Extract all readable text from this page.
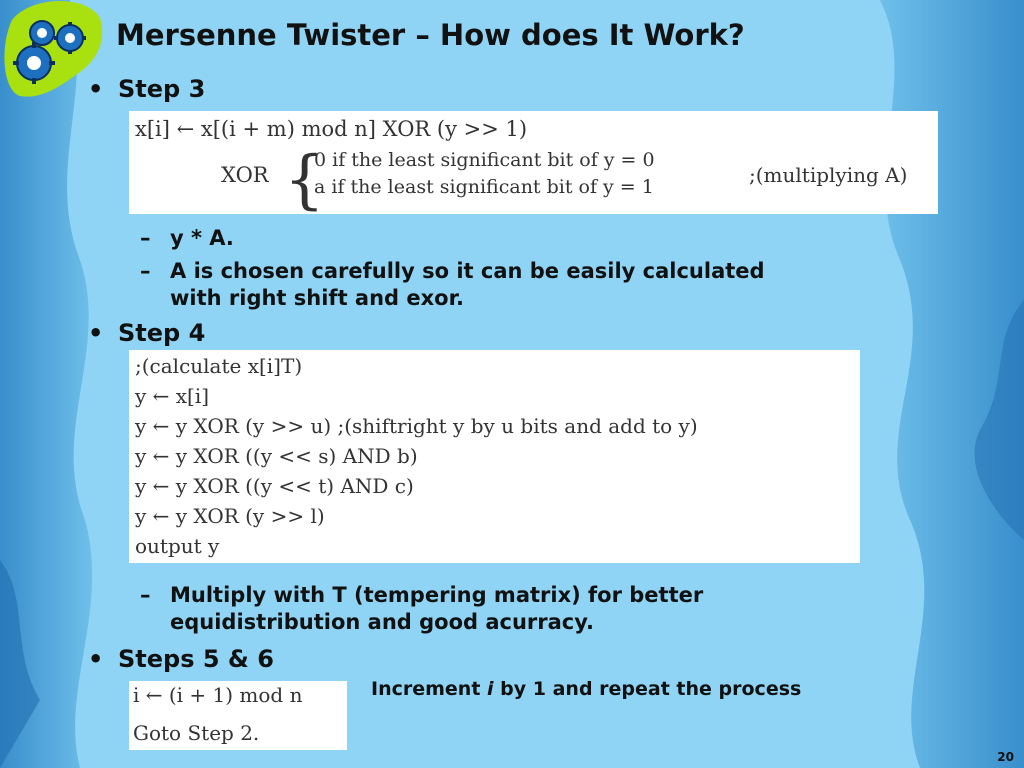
Mersenne Twister – How does It Work?
• Step 3
x[i] ← x[(i + m) mod n] XOR (y >> 1)
XOR {
0 if the least significant bit of y = 0
a if the least significant bit of y = 1	;(multiplying A)
– y * A.
– A is chosen carefully so it can be easily calculated with right shift and exor.
• Step 4
;(calculate x[i]T)
y ← x[i]
y ← y XOR (y >> u) ;(shiftright y by u bits and add to y)
y ← y XOR ((y << s) AND b)
y ← y XOR ((y << t) AND c)
y ← y XOR (y >> l)
output y
– Multiply with T (tempering matrix) for better equidistribution and good acurracy.
• Steps 5 & 6
i ← (i + 1) mod n
Goto Step 2.
Increment i by 1 and repeat the process
20
